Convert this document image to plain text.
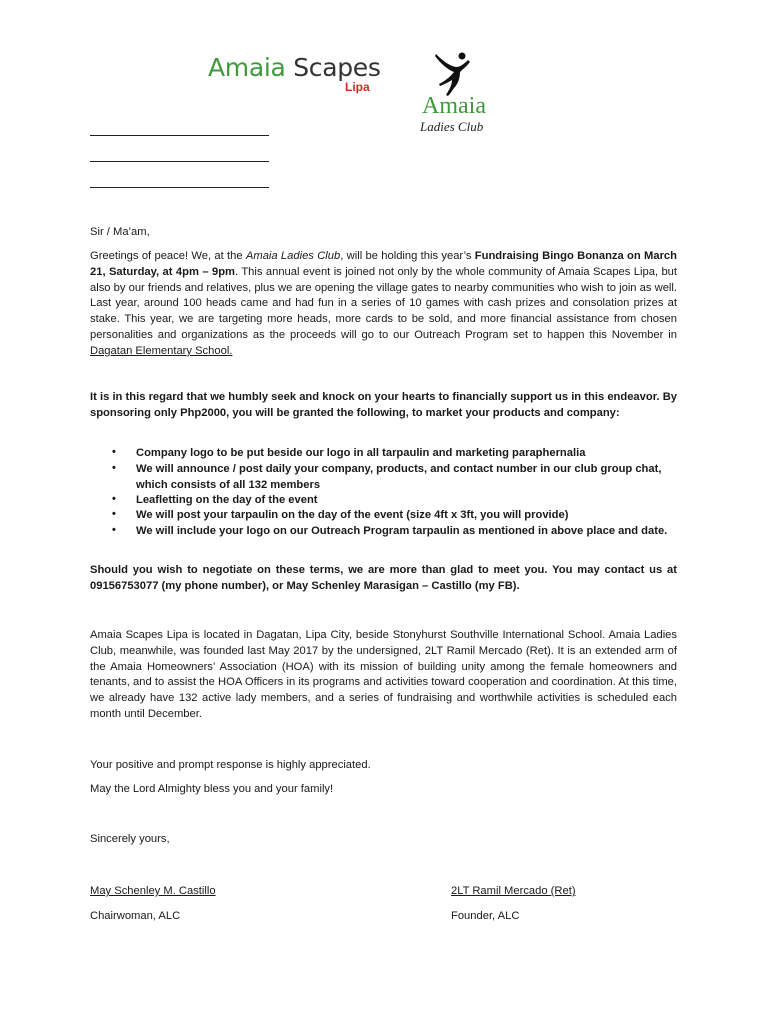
Amaia Scapes
Lipa
Amaia
Ladies Club
Sir / Ma’am,
Greetings of peace! We, at the Amaia Ladies Club, will be holding this year’s Fundraising Bingo Bonanza on March 21, Saturday, at 4pm – 9pm. This annual event is joined not only by the whole community of Amaia Scapes Lipa, but also by our friends and relatives, plus we are opening the village gates to nearby communities who wish to join as well. Last year, around 100 heads came and had fun in a series of 10 games with cash prizes and consolation prizes at stake. This year, we are targeting more heads, more cards to be sold, and more financial assistance from chosen personalities and organizations as the proceeds will go to our Outreach Program set to happen this November in Dagatan Elementary School.
It is in this regard that we humbly seek and knock on your hearts to financially support us in this endeavor. By sponsoring only Php2000, you will be granted the following, to market your products and company:
• Company logo to be put beside our logo in all tarpaulin and marketing paraphernalia
• We will announce / post daily your company, products, and contact number in our club group chat, which consists of all 132 members
• Leafletting on the day of the event
• We will post your tarpaulin on the day of the event (size 4ft x 3ft, you will provide)
• We will include your logo on our Outreach Program tarpaulin as mentioned in above place and date.
Should you wish to negotiate on these terms, we are more than glad to meet you. You may contact us at 09156753077 (my phone number), or May Schenley Marasigan – Castillo (my FB).
Amaia Scapes Lipa is located in Dagatan, Lipa City, beside Stonyhurst Southville International School. Amaia Ladies Club, meanwhile, was founded last May 2017 by the undersigned, 2LT Ramil Mercado (Ret). It is an extended arm of the Amaia Homeowners’ Association (HOA) with its mission of building unity among the female homeowners and tenants, and to assist the HOA Officers in its programs and activities toward cooperation and coordination. At this time, we already have 132 active lady members, and a series of fundraising and worthwhile activities is scheduled each month until December.
Your positive and prompt response is highly appreciated.
May the Lord Almighty bless you and your family!
Sincerely yours,
May Schenley M. Castillo
Chairwoman, ALC
2LT Ramil Mercado (Ret)
Founder, ALC
